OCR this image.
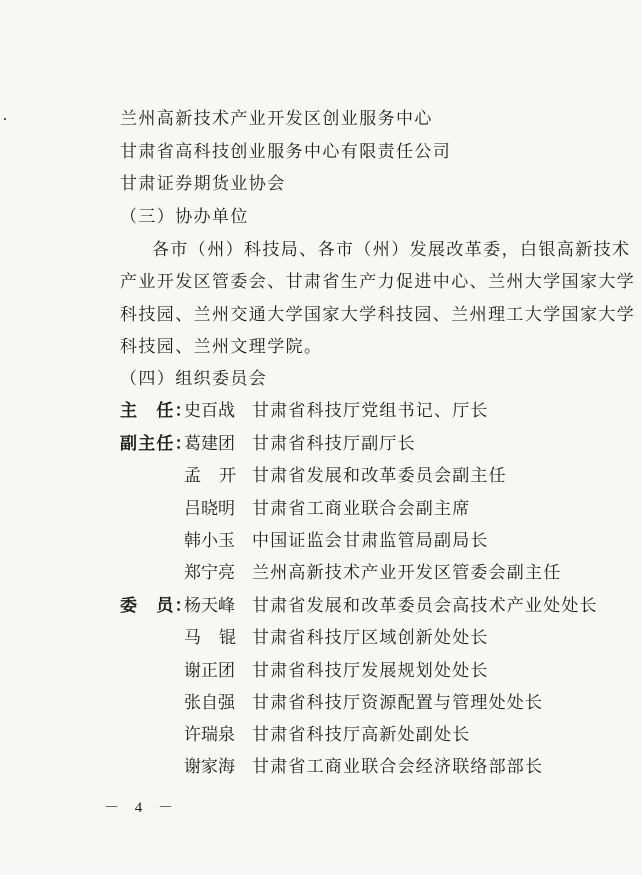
兰州高新技术产业开发区创业服务中心
甘肃省高科技创业服务中心有限责任公司
甘肃证券期货业协会
（三）协办单位
各市（州）科技局、各市（州）发展改革委，白银高新技术
产业开发区管委会、甘肃省生产力促进中心、兰州大学国家大学
科技园、兰州交通大学国家大学科技园、兰州理工大学国家大学
科技园、兰州文理学院。
（四）组织委员会
主　任：
史百战 甘肃省科技厅党组书记、厅长
副主任：
葛建团 甘肃省科技厅副厅长
孟开
甘肃省发展和改革委员会副主任
吕晓明 甘肃省工商业联合会副主席
韩小玉 中国证监会甘肃监管局副局长
郑宁亮 兰州高新技术产业开发区管委会副主任
委　员：
杨天峰 甘肃省发展和改革委员会高技术产业处处长
马锟
甘肃省科技厅区域创新处处长
谢正团 甘肃省科技厅发展规划处处长
张自强 甘肃省科技厅资源配置与管理处处长
许瑞泉 甘肃省科技厅高新处副处长
谢家海 甘肃省工商业联合会经济联络部部长
－ 4 －
